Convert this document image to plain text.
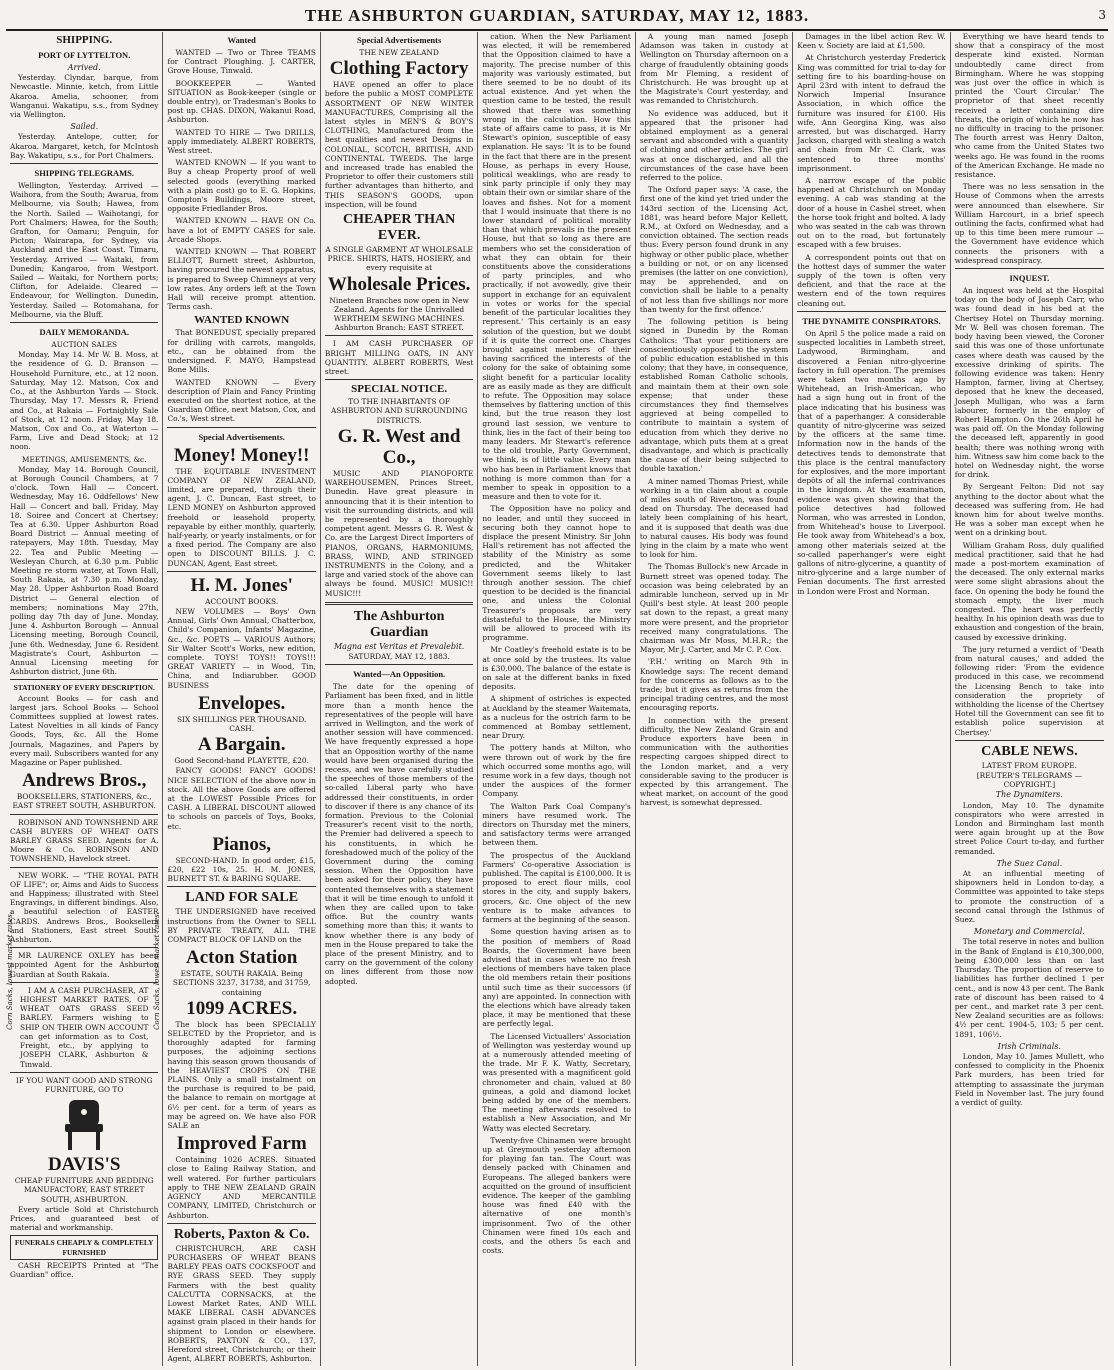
THE ASHBURTON GUARDIAN, SATURDAY, MAY 12, 1883.	3
SHIPPING.
PORT OF LYTTELTON.
Arrived.

Yesterday. Clyndar, barque, from Newcastle. Minnie, ketch, from Little Akaroa. Amelia, schooner, from Wanganui. Wakatipu, s.s., from Sydney via Wellington.

Sailed.

Yesterday. Antelope, cutter, for Akaroa. Margaret, ketch, for McIntosh Bay. Wakatipu, s.s., for Port Chalmers.

SHIPPING TELEGRAMS.

Wellington, Yesterday. Arrived — Waihora, from the South; Awarua, from Melbourne, via South; Hawea, from the North. Sailed — Waihotangi, for Port Chalmers; Hawea, for the South; Grafton, for Oamaru; Penguin, for Picton; Wairarapa, for Sydney, via Auckland and the East Coast. Timaru, Yesterday. Arrived — Waitaki, from Dunedin; Kangaroo, from Westport. Sailed — Waitaki, for Northern ports; Clifton, for Adelaide. Cleared — Endeavour, for Wellington. Dunedin, Yesterday. Sailed — Rotomahana, for Melbourne, via the Bluff.

DAILY MEMORANDA.
AUCTION SALES

Monday, May 14. Mr W. B. Moss, at the residence of G. D. Branson — Household Furniture, etc., at 12 noon. Saturday, May 12. Matson, Cox and Co., at the Ashburton Yards — Stock. Thursday, May 17. Messrs R. Friend and Co., at Rakaia — Fortnightly Sale of Stock, at 12 noon. Friday, May 18. Matson, Cox and Co., at Waterton — Farm, Live and Dead Stock; at 12 noon.

MEETINGS, AMUSEMENTS, &c.

Monday, May 14. Borough Council, at Borough Council Chambers, at 7 o'clock. Town Hall — Concert. Wednesday, May 16. Oddfellows' New Hall — Concert and ball. Friday, May 18. Soiree and Concert at Chertsey; Tea at 6.30. Upper Ashburton Road Board District — Annual meeting of ratepayers, May 18th. Tuesday, May 22. Tea and Public Meeting — Wesleyan Church, at 6.30 p.m. Public Meeting re storm water, at Town Hall, South Rakaia, at 7.30 p.m. Monday, May 28. Upper Ashburton Road Board District — General election of members; nominations May 27th, polling day 7th day of June. Monday, June 4. Ashburton Borough — Annual Licensing meeting, Borough Council, June 6th. Wednesday, June 6. Resident Magistrate's Court, Ashburton — Annual Licensing meeting for Ashburton district, June 6th.

STATIONERY OF EVERY DESCRIPTION.

Account Books — for cash and largest jars. School Books — School Committees supplied at lowest rates. Latest Novelties in all kinds of Fancy Goods, Toys, &c. All the Home Journals, Magazines, and Papers by every mail. Subscribers wanted for any Magazine or Paper published.

Andrews Bros.,
BOOKSELLERS, STATIONERS, &c., EAST STREET SOUTH, ASHBURTON.

ROBINSON AND TOWNSHEND ARE CASH BUYERS OF WHEAT OATS BARLEY GRASS SEED. Agents for A. Moore & Co. ROBINSON AND TOWNSHEND, Havelock street.

NEW WORK. — "THE ROYAL PATH OF LIFE"; or, Aims and Aids to Success and Happiness; illustrated with Steel Engravings, in different bindings. Also, a beautiful selection of EASTER CARDS. Andrews Bros., Booksellers and Stationers, East street South, Ashburton.

MR LAURENCE OXLEY has been appointed Agent for the Ashburton Guardian at South Rakaia.

I AM A CASH PURCHASER, AT HIGHEST MARKET RATES, OF WHEAT OATS GRASS SEED BARLEY. Farmers wishing to SHIP ON THEIR OWN ACCOUNT can get information as to Cost, Freight, etc., by applying to JOSEPH CLARK, Ashburton & Tinwald.

Corn Sacks, lowest market rates.	Corn Sacks, lowest market rates.
IF YOU WANT GOOD AND STRONG FURNITURE, GO TO
DAVIS'S
CHEAP FURNITURE AND BEDDING MANUFACTORY, EAST STREET SOUTH, ASHBURTON.

Every article Sold at Christchurch Prices, and guaranteed best of material and workmanship.

FUNERALS CHEAPLY & COMPLETELY FURNISHED

CASH RECEIPTS Printed at "The Guardian" office.

Wanted

WANTED — Two or Three TEAMS for Contract Ploughing. J. CARTER, Grove House, Tinwald.

BOOKKEEPER — Wanted SITUATION as Book-keeper (single or double entry), or Tradesman's Books to post up. CHAS. DIXON, Wakanui Road, Ashburton.

WANTED TO HIRE — Two DRILLS, apply immediately. ALBERT ROBERTS, West street.

WANTED KNOWN — If you want to Buy a cheap Property proof of well selected goods (everything marked with a plain cost) go to E. G. Hopkins, Compton's Buildings, Moore street, opposite Friedlander Bros.

WANTED KNOWN — HAVE ON Co. have a lot of EMPTY CASES for sale. Arcade Shops.

WANTED KNOWN — That ROBERT ELLIOTT, Burnett street, Ashburton, having procured the newest apparatus, is prepared to Sweep Chimneys at very low rates. Any orders left at the Town Hall will receive prompt attention. Terms cash.

WANTED KNOWN

That BONEDUST, specially prepared for drilling with carrots, mangolds, etc., can be obtained from the undersigned. F. MAYO, Hampstead Bone Mills.

WANTED KNOWN — Every description of Plain and Fancy Printing executed on the shortest notice, at the Guardian Office, next Matson, Cox, and Co.'s, West street.

Special Advertisements.
Money! Money!!

THE EQUITABLE INVESTMENT COMPANY OF NEW ZEALAND, limited, are prepared, through their agent, J. C. Duncan, East street, to LEND MONEY on Ashburton approved freehold or leasehold property, repayable by either monthly, quarterly, half-yearly, or yearly instalments, or for a fixed period. The Company are also open to DISCOUNT BILLS. J. C. DUNCAN, Agent, East street.

H. M. Jones'
ACCOUNT BOOKS.

NEW VOLUMES — Boys' Own Annual, Girls' Own Annual, Chatterbox, Child's Companion, Infants' Magazine, &c., &c. POETS — VARIOUS Authors; Sir Walter Scott's Works, new edition, complete. TOYS! TOYS!! TOYS!!! GREAT VARIETY — in Wood, Tin, China, and Indiarubber. GOOD BUSINESS

Envelopes.
SIX SHILLINGS PER THOUSAND. CASH.
A Bargain.
Good Second-hand PLAYETTE, £20.

FANCY GOODS! FANCY GOODS! NICE SELECTION of the above now in stock. All the above Goods are offered at the LOWEST Possible Prices for CASH. A LIBERAL DISCOUNT allowed to schools on parcels of Toys, Books, etc.

Pianos,

SECOND-HAND. In good order, £15, £20, £22 10s, 25. H. M. JONES, BURNETT ST. & BARING SQUARE.

LAND FOR SALE

THE UNDERSIGNED have received instructions from the Owner to SELL BY PRIVATE TREATY, ALL THE COMPACT BLOCK OF LAND on the

Acton Station
ESTATE, SOUTH RAKAIA. Being SECTIONS 3237, 31738, and 31759, containing
1099 ACRES.

The block has been SPECIALLY SELECTED by the Proprietor, and is thoroughly adapted for farming purposes, the adjoining sections having this season grown thousands of the HEAVIEST CROPS ON THE PLAINS. Only a small instalment on the purchase is required to be paid, the balance to remain on mortgage at 6½ per cent. for a term of years as may be agreed on. We have also FOR SALE an

Improved Farm

Containing 1026 ACRES. Situated close to Ealing Railway Station, and well watered. For further particulars apply to THE NEW ZEALAND GRAIN AGENCY AND MERCANTILE COMPANY, LIMITED, Christchurch or Ashburton.

Roberts, Paxton & Co.

CHRISTCHURCH, ARE CASH PURCHASERS OF WHEAT BEANS BARLEY PEAS OATS COCKSFOOT and RYE GRASS SEED. They supply Farmers with the best quality CALCUTTA CORNSACKS, at the Lowest Market Rates, AND WILL MAKE LIBERAL CASH ADVANCES against grain placed in their hands for shipment to London or elsewhere. ROBERTS, PAXTON & CO., 137, Hereford street, Christchurch; or their Agent, ALBERT ROBERTS, Ashburton.

Special Advertisements
THE NEW ZEALAND
Clothing Factory

HAVE opened an offer to place before the public a MOST COMPLETE ASSORTMENT OF NEW WINTER MANUFACTURES, Comprising all the latest styles in MEN'S & BOY'S CLOTHING, Manufactured from the best qualities and newest Designs in COLONIAL, SCOTCH, BRITISH, AND CONTINENTAL TWEEDS. The large and increased trade has enabled the Proprietor to offer their customers still further advantages than hitherto, and THIS SEASON'S GOODS, upon inspection, will be found

CHEAPER THAN EVER.
A SINGLE GARMENT AT WHOLESALE PRICE. SHIRTS, HATS, HOSIERY, and every requisite at
Wholesale Prices.
Nineteen Branches now open in New Zealand. Agents for the Unrivalled WERTHEIM SEWING MACHINES. Ashburton Branch: EAST STREET.

I AM CASH PURCHASER OF BRIGHT MILLING OATS, IN ANY QUANTITY. ALBERT ROBERTS, West street.

SPECIAL NOTICE.
TO THE INHABITANTS OF ASHBURTON AND SURROUNDING DISTRICTS.
G. R. West and Co.,

MUSIC AND PIANOFORTE WAREHOUSEMEN, Princes Street, Dunedin. Have great pleasure in announcing that it is their intention to visit the surrounding districts, and will be represented by a thoroughly competent agent. Messrs G. R. West & Co. are the Largest Direct Importers of PIANOS, ORGANS, HARMONIUMS, BRASS, WIND, AND STRINGED INSTRUMENTS in the Colony, and a large and varied stock of the above can always be found. MUSIC! MUSIC!! MUSIC!!!

The Ashburton Guardian
Magna est Veritas et Prevalebit.
SATURDAY, MAY 12, 1883.
Wanted—An Opposition.

The date for the opening of Parliament has been fixed, and in little more than a month hence the representatives of the people will have arrived in Wellington, and the work of another session will have commenced. We have frequently expressed a hope that an Opposition worthy of the name would have been organised during the recess, and we have carefully studied the speeches of those members of the so-called Liberal party who have addressed their constituents, in order to discover if there is any chance of its formation. Previous to the Colonial Treasurer's recent visit to the north, the Premier had delivered a speech to his constituents, in which he foreshadowed much of the policy of the Government during the coming session. When the Opposition have been asked for their policy, they have contented themselves with a statement that it will be time enough to unfold it when they are called upon to take office. But the country wants something more than this; it wants to know whether there is any body of men in the House prepared to take the place of the present Ministry, and to carry on the government of the colony on lines different from those now adopted.

cation. When the New Parliament was elected, it will be remembered that the Opposition claimed to have a majority. The precise number of this majority was variously estimated, but there seemed to be no doubt of its actual existence. And yet when the question came to be tested, the result showed that there was something wrong in the calculation. How this state of affairs came to pass, it is Mr Stewart's opinion, susceptible of easy explanation. He says: 'It is to be found in the fact that there are in the present House, as perhaps in every House, political weaklings, who are ready to sink party principle if only they may obtain their own or similar share of the loaves and fishes. Not for a moment that I would insinuate that there is no lower standard of political morality than that which prevails in the present House, but that so long as there are members who set the consideration of what they can obtain for their constituents above the considerations of party principles, and who practically, if not avowedly, give their support in exchange for an equivalent in votes or works for the special benefit of the particular localities they represent.' This certainly is an easy solution of the question, but we doubt if it is quite the correct one. Charges brought against members of their having sacrificed the interests of the colony for the sake of obtaining some slight benefit for a particular locality are as easily made as they are difficult to refute. The Opposition may solace themselves by flattering unction of this kind, but the true reason they lost ground last session, we venture to think, lies in the fact of their being too many leaders. Mr Stewart's reference to the old trouble, Party Government, we think, is of little value. Every man who has been in Parliament knows that nothing is more common than for a member to speak in opposition to a measure and then to vote for it.

The Opposition have no policy and no leader, and until they succeed in securing both they cannot hope to displace the present Ministry. Sir John Hall's retirement has not affected the stability of the Ministry as some predicted, and the Whitaker Government seems likely to last through another session. The chief question to be decided is the financial one, and unless the Colonial Treasurer's proposals are very distasteful to the House, the Ministry will be allowed to proceed with its programme.

Mr Coatley's freehold estate is to be at once sold by the trustees. Its value is £30,000. The balance of the estate is on sale at the different banks in fixed deposits.

A shipment of ostriches is expected at Auckland by the steamer Waitemata, as a nucleus for the ostrich farm to be commenced at Bombay settlement, near Drury.

The pottery hands at Milton, who were thrown out of work by the fire which occurred some months ago, will resume work in a few days, though not under the auspices of the former Company.

The Walton Park Coal Company's miners have resumed work. The directors on Thursday met the miners, and satisfactory terms were arranged between them.

The prospectus of the Auckland Farmers' Co-operative Association is published. The capital is £100,000. It is proposed to erect flour mills, cool stores in the city, and supply bakers, grocers, &c. One object of the new venture is to make advances to farmers at the beginning of the season.

Some question having arisen as to the position of members of Road Boards, the Government have been advised that in cases where no fresh elections of members have taken place the old members retain their positions until such time as their successors (if any) are appointed. In connection with the elections which have already taken place, it may be mentioned that these are perfectly legal.

The Licensed Victuallers' Association of Wellington was yesterday wound up at a numerously attended meeting of the trade. Mr F. K. Watty, Secretary, was presented with a magnificent gold chronometer and chain, valued at 80 guineas, a gold and diamond locket being added by one of the members. The meeting afterwards resolved to establish a New Association, and Mr Watty was elected Secretary.

Twenty-five Chinamen were brought up at Greymouth yesterday afternoon for playing fan tan. The Court was densely packed with Chinamen and Europeans. The alleged bankers were acquitted on the ground of insufficient evidence. The keeper of the gambling house was fined £40 with the alternative of one month's imprisonment. Two of the other Chinamen were fined 10s each and costs, and the others 5s each and costs.

A young man named Joseph Adamson was taken in custody at Wellington on Thursday afternoon on a charge of fraudulently obtaining goods from Mr Fleming, a resident of Christchurch. He was brought up at the Magistrate's Court yesterday, and was remanded to Christchurch.

No evidence was adduced, but it appeared that the prisoner had obtained employment as a general servant and absconded with a quantity of clothing and other articles. The girl was at once discharged, and all the circumstances of the case have been referred to the police.

The Oxford paper says: 'A case, the first one of the kind yet tried under the 143rd section of the Licensing Act, 1881, was heard before Major Kellett, R.M., at Oxford on Wednesday, and a conviction obtained. The section reads thus: Every person found drunk in any highway or other public place, whether a building or not, or on any licensed premises (the latter on one conviction), may be apprehended, and on conviction shall be liable to a penalty of not less than five shillings nor more than twenty for the first offence.'

The following petition is being signed in Dunedin by the Roman Catholics: 'That your petitioners are conscientiously opposed to the system of public education established in this colony; that they have, in consequence, established Roman Catholic schools, and maintain them at their own sole expense; that under these circumstances they find themselves aggrieved at being compelled to contribute to maintain a system of education from which they derive no advantage, which puts them at a great disadvantage, and which is practically the cause of their being subjected to double taxation.'

A miner named Thomas Priest, while working in a tin claim about a couple of miles south of Riverton, was found dead on Thursday. The deceased had lately been complaining of his heart, and it is supposed that death was due to natural causes. His body was found lying in the claim by a mate who went to look for him.

The Thomas Bullock's new Arcade in Burnett street was opened today. The occasion was being celebrated by an admirable luncheon, served up in Mr Quill's best style. At least 200 people sat down to the repast, a great many more were present, and the proprietor received many congratulations. The chairman was Mr Moss, M.H.R.; the Mayor, Mr J. Carter, and Mr C. P. Cox.

'P.H.' writing on March 9th in Knowledge says: The recent demand for the concerns as follows as to the trade; but it gives as returns from the principal trading centres, and the most encouraging reports.

In connection with the present difficulty, the New Zealand Grain and Produce exporters have been in communication with the authorities respecting cargoes shipped direct to the London market, and a very considerable saving to the producer is expected by this arrangement. The wheat market, on account of the good harvest, is somewhat depressed.

Damages in the libel action Rev. W. Keen v. Society are laid at £1,500.

At Christchurch yesterday Frederick King was committed for trial to-day for setting fire to his boarding-house on April 23rd with intent to defraud the Norwich Imperial Insurance Association, in which office the furniture was insured for £100. His wife, Ann Georgina King, was also arrested, but was discharged. Harry Jackson, charged with stealing a watch and chain from Mr C. Clark, was sentenced to three months' imprisonment.

A narrow escape of the public happened at Christchurch on Monday evening. A cab was standing at the door of a house in Cashel street, when the horse took fright and bolted. A lady who was seated in the cab was thrown out on to the road, but fortunately escaped with a few bruises.

A correspondent points out that on the hottest days of summer the water supply of the town is often very deficient, and that the race at the western end of the town requires cleaning out.

THE DYNAMITE CONSPIRATORS.

On April 5 the police made a raid on suspected localities in Lambeth street, Ladywood, Birmingham, and discovered a Fenian nitro-glycerine factory in full operation. The premises were taken two months ago by Whitehead, an Irish-American, who had a sign hung out in front of the place indicating that his business was that of a paperhanger. A considerable quantity of nitro-glycerine was seized by the officers at the same time. Information now in the hands of the detectives tends to demonstrate that this place is the central manufactory for explosives, and the more important depôts of all the infernal contrivances in the kingdom. At the examination, evidence was given showing that the police detectives had followed Norman, who was arrested in London, from Whitehead's house to Liverpool. He took away from Whitehead's a box, among other materials seized at the so-called paperhanger's were eight gallons of nitro-glycerine, a quantity of nitro-glycerine and a large number of Fenian documents. The first arrested in London were Frost and Norman.

Everything we have heard tends to show that a conspiracy of the most desperate kind existed. Norman undoubtedly came direct from Birmingham. Where he was stopping was just over the office in which is printed the 'Court Circular.' The proprietor of that sheet recently received a letter containing dire threats, the origin of which he now has no difficulty in tracing to the prisoner. The fourth arrest was Henry Dalton, who came from the United States two weeks ago. He was found in the rooms of the American Exchange. He made no resistance.

There was no less sensation in the House of Commons when the arrests were announced than elsewhere. Sir William Harcourt, in a brief speech outlining the facts, confirmed what had up to this time been mere rumour — the Government have evidence which connects the prisoners with a widespread conspiracy.

INQUEST.

An inquest was held at the Hospital today on the body of Joseph Carr, who was found dead in his bed at the Chertsey Hotel on Thursday morning. Mr W. Bell was chosen foreman. The body having been viewed, the Coroner said this was one of those unfortunate cases where death was caused by the excessive drinking of spirits. The following evidence was taken: Henry Hampton, farmer, living at Chertsey, deposed that he knew the deceased, Joseph Mulligan, who was a farm labourer, formerly in the employ of Robert Hampton. On the 26th April he was paid off. On the Monday following the deceased left, apparently in good health; there was nothing wrong with him. Witness saw him come back to the hotel on Wednesday night, the worse for drink.

By Sergeant Felton: Did not say anything to the doctor about what the deceased was suffering from. He had known him for about twelve months. He was a sober man except when he went on a drinking bout.

William Graham Ross, duly qualified medical practitioner, said that he had made a post-mortem examination of the deceased. The only external marks were some slight abrasions about the face. On opening the body he found the stomach empty, the liver much congested. The heart was perfectly healthy. In his opinion death was due to exhaustion and congestion of the brain, caused by excessive drinking.

The jury returned a verdict of 'Death from natural causes,' and added the following rider: 'From the evidence produced in this case, we recommend the Licensing Bench to take into consideration the propriety of withholding the license of the Chertsey Hotel till the Government can see fit to establish police supervision at Chertsey.'

CABLE NEWS.
LATEST FROM EUROPE.
[REUTER'S TELEGRAMS — COPYRIGHT.]
The Dynamiters.

London, May 10. The dynamite conspirators who were arrested in London and Birmingham last month were again brought up at the Bow street Police Court to-day, and further remanded.

The Suez Canal.

At an influential meeting of shipowners held in London to-day, a Committee was appointed to take steps to promote the construction of a second canal through the Isthmus of Suez.

Monetary and Commercial.

The total reserve in notes and bullion in the Bank of England is £10,300,000, being £300,000 less than on last Thursday. The proportion of reserve to liabilities has further declined 1 per cent., and is now 43 per cent. The Bank rate of discount has been raised to 4 per cent., and market rate 3 per cent. New Zealand securities are as follows: 4½ per cent. 1904-5, 103; 5 per cent. 1891, 106½.

Irish Criminals.

London, May 10. James Mullett, who confessed to complicity in the Phoenix Park murders, has been tried for attempting to assassinate the juryman Field in November last. The jury found a verdict of guilty.
